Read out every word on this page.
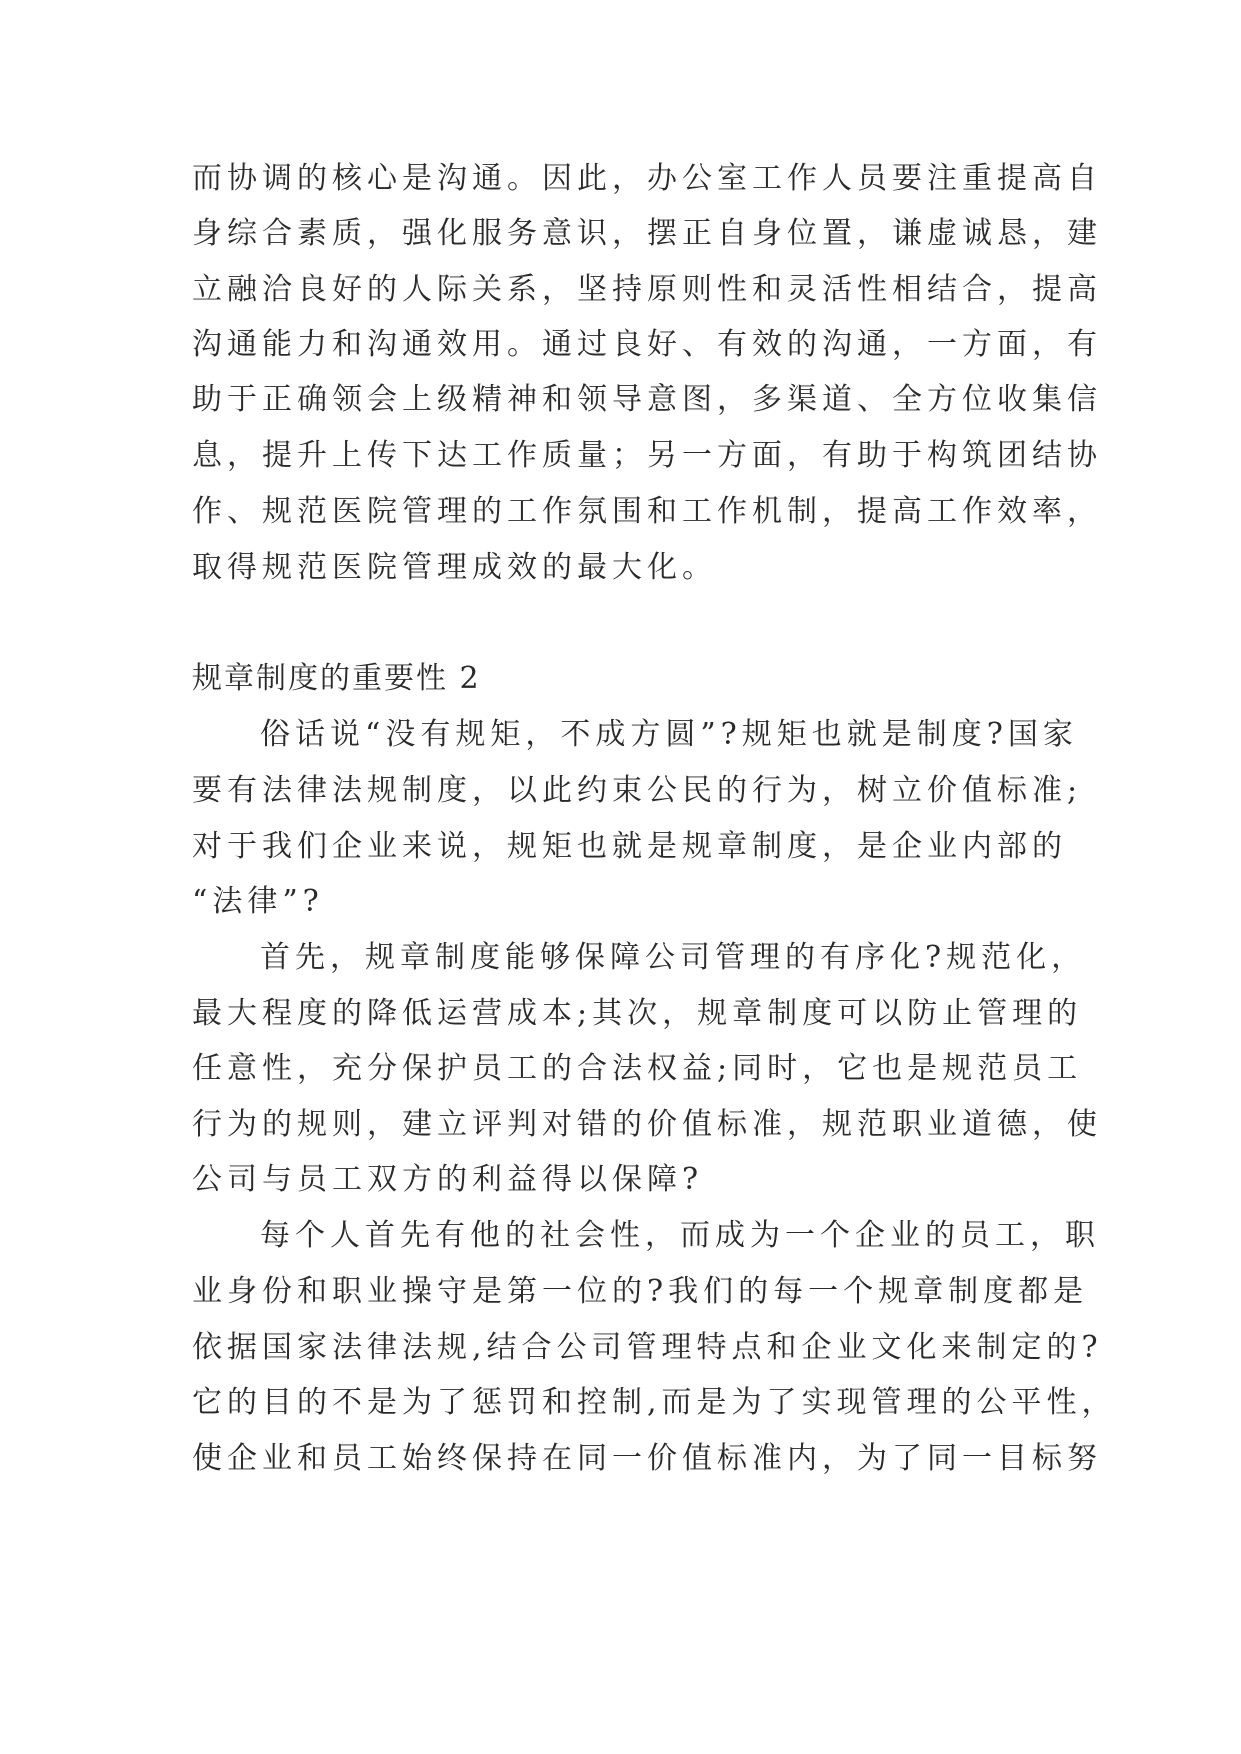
而协调的核心是沟通。因此，办公室工作人员要注重提高自
身综合素质，强化服务意识，摆正自身位置，谦虚诚恳，建
立融洽良好的人际关系，坚持原则性和灵活性相结合，提高
沟通能力和沟通效用。通过良好、有效的沟通，一方面，有
助于正确领会上级精神和领导意图，多渠道、全方位收集信
息，提升上传下达工作质量；另一方面，有助于构筑团结协
作、规范医院管理的工作氛围和工作机制，提高工作效率，
取得规范医院管理成效的最大化。
规章制度的重要性 2
俗话说“没有规矩，不成方圆”?规矩也就是制度?国家
要有法律法规制度，以此约束公民的行为，树立价值标准;
对于我们企业来说，规矩也就是规章制度，是企业内部的
“法律”?
首先，规章制度能够保障公司管理的有序化?规范化，
最大程度的降低运营成本;其次，规章制度可以防止管理的
任意性，充分保护员工的合法权益;同时，它也是规范员工
行为的规则，建立评判对错的价值标准，规范职业道德，使
公司与员工双方的利益得以保障?
每个人首先有他的社会性，而成为一个企业的员工，职
业身份和职业操守是第一位的?我们的每一个规章制度都是
依据国家法律法规,结合公司管理特点和企业文化来制定的?
它的目的不是为了惩罚和控制,而是为了实现管理的公平性，
使企业和员工始终保持在同一价值标准内，为了同一目标努
